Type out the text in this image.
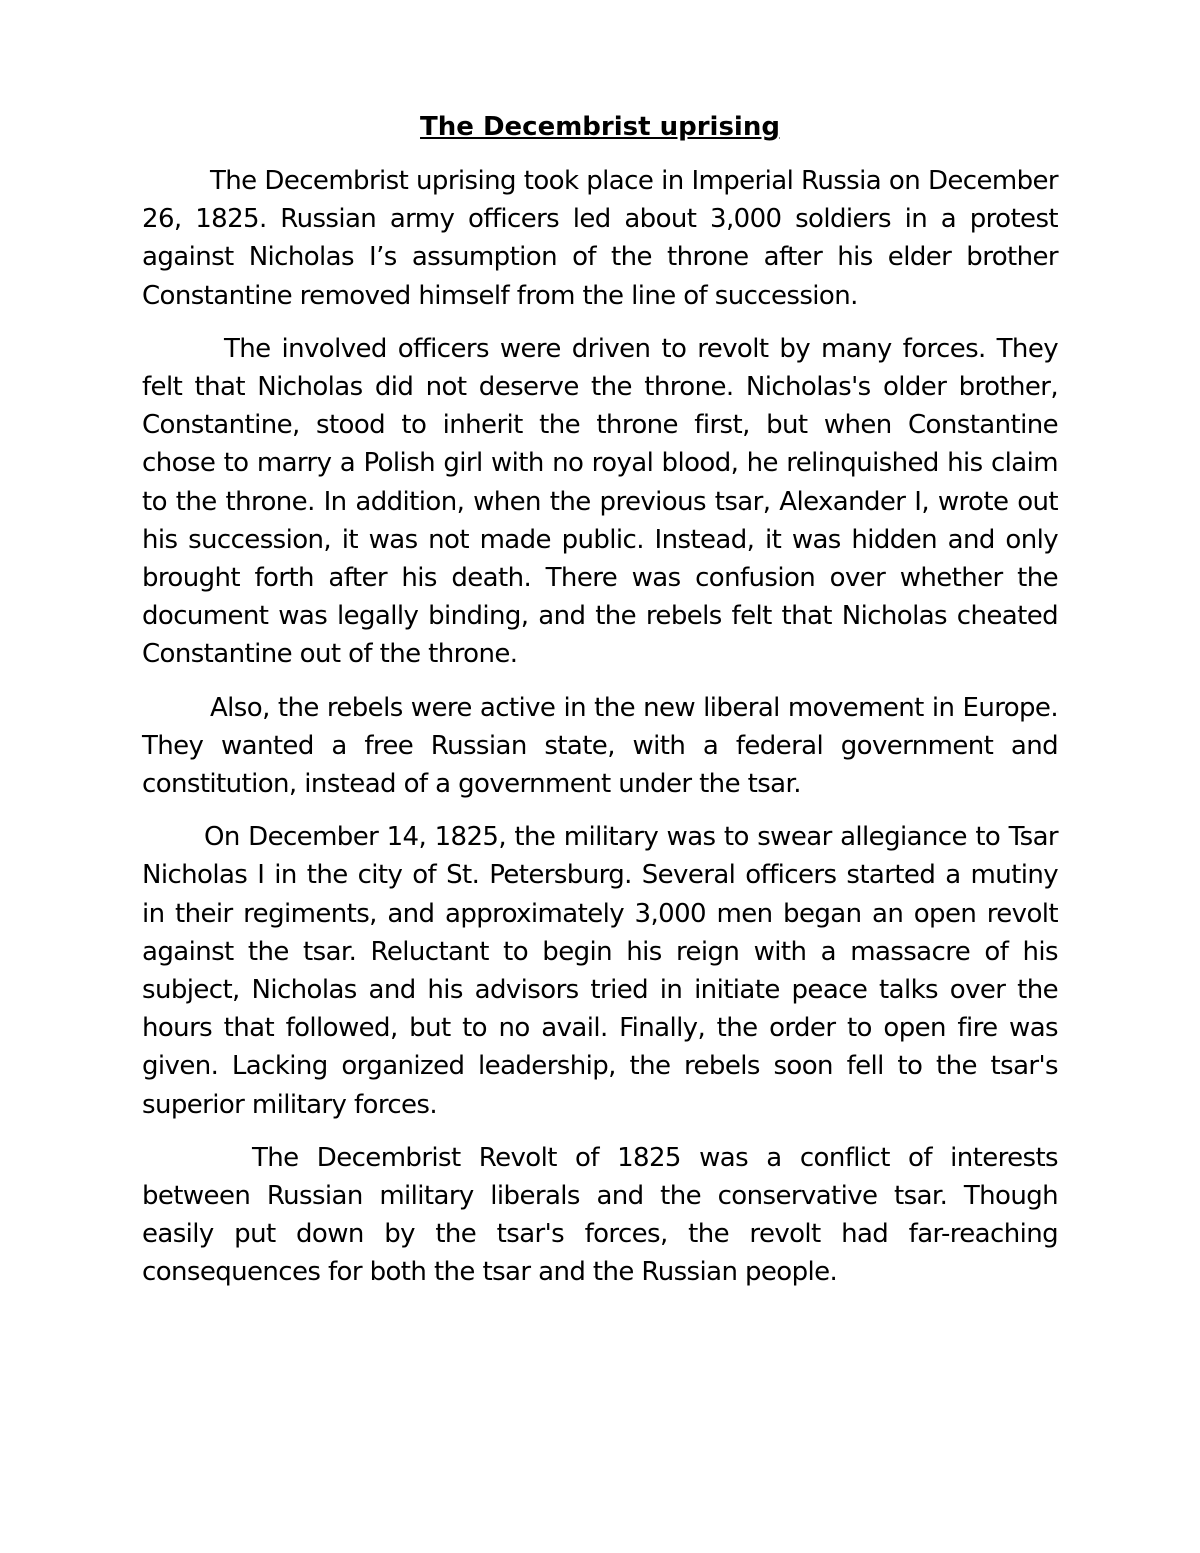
The Decembrist uprising

The Decembrist uprising took place in Imperial Russia on December 26, 1825. Russian army officers led about 3,000 soldiers in a protest against Nicholas I’s assumption of the throne after his elder brother Constantine removed himself from the line of succession.

The involved officers were driven to revolt by many forces. They felt that Nicholas did not deserve the throne. Nicholas's older brother, Constantine, stood to inherit the throne first, but when Constantine chose to marry a Polish girl with no royal blood, he relinquished his claim to the throne. In addition, when the previous tsar, Alexander I, wrote out his succession, it was not made public. Instead, it was hidden and only brought forth after his death. There was confusion over whether the document was legally binding, and the rebels felt that Nicholas cheated Constantine out of the throne.

Also, the rebels were active in the new liberal movement in Europe. They wanted a free Russian state, with a federal government and constitution, instead of a government under the tsar.

On December 14, 1825, the military was to swear allegiance to Tsar Nicholas I in the city of St. Petersburg. Several officers started a mutiny in their regiments, and approximately 3,000 men began an open revolt against the tsar. Reluctant to begin his reign with a massacre of his subject, Nicholas and his advisors tried in initiate peace talks over the hours that followed, but to no avail. Finally, the order to open fire was given. Lacking organized leadership, the rebels soon fell to the tsar's superior military forces.

The Decembrist Revolt of 1825 was a conflict of interests between Russian military liberals and the conservative tsar. Though easily put down by the tsar's forces, the revolt had far-reaching consequences for both the tsar and the Russian people.
